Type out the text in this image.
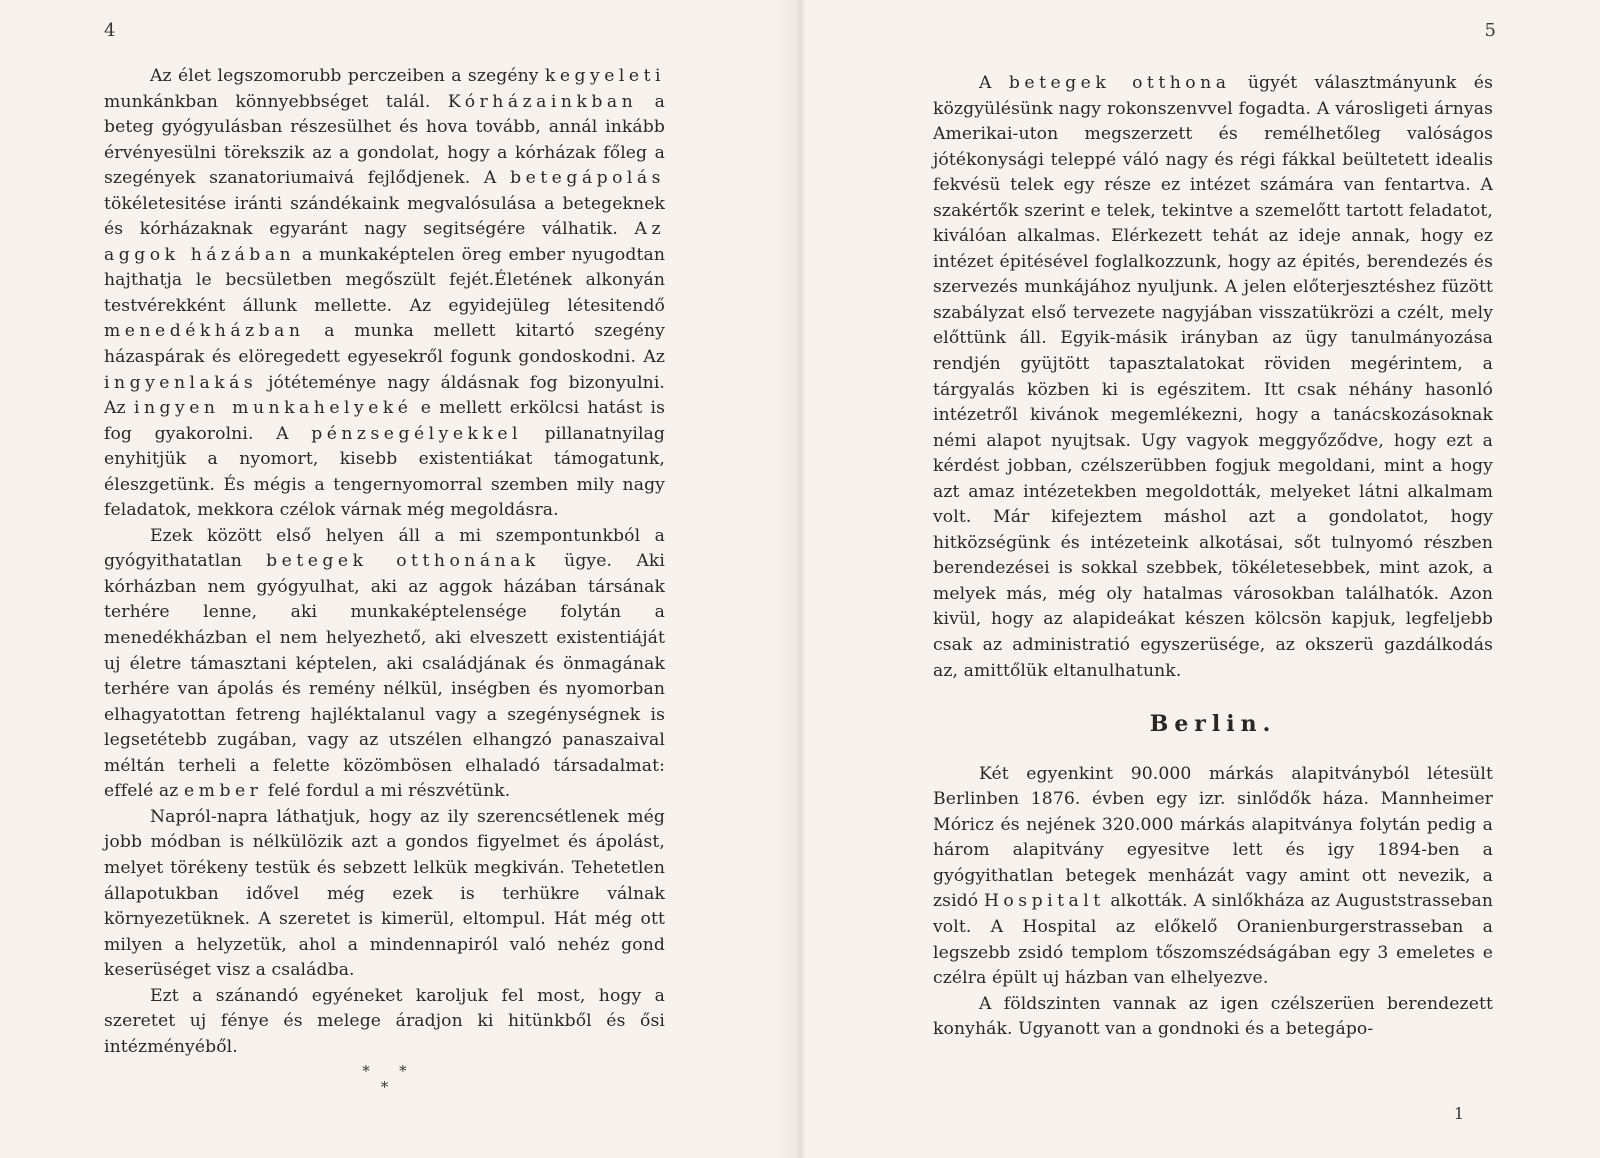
4

Az élet legszomorubb perczeiben a szegény kegyeleti munkánkban könnyebbséget talál. Kórházainkban a beteg gyógyulásban részesülhet és hova tovább, annál inkább érvényesülni törekszik az a gondolat, hogy a kórházak főleg a szegények szanatoriumaivá fejlődjenek. A betegápolás tökéletesitése iránti szándékaink megvalósulása a betegeknek és kórházaknak egyaránt nagy segitségére válhatik. Az aggok házában a munkaképtelen öreg ember nyugodtan hajthatja le becsületben megőszült fejét.Életének alkonyán testvérekként állunk mellette. Az egyidejüleg létesitendő menedékházban a munka mellett kitartó szegény házaspárak és elöregedett egyesekről fogunk gondoskodni. Az ingyenlakás jótéteménye nagy áldásnak fog bizonyulni. Az ingyen munkahelyeké e mellett erkölcsi hatást is fog gyakorolni. A pénzsegélyekkel pillanatnyilag enyhitjük a nyomort, kisebb existentiákat támogatunk, éleszgetünk. És mégis a tengernyomorral szemben mily nagy feladatok, mekkora czélok várnak még megoldásra.

Ezek között első helyen áll a mi szempontunkból a gyógyithatatlan betegek otthonának ügye. Aki kórházban nem gyógyulhat, aki az aggok házában társának terhére lenne, aki munkaképtelensége folytán a menedékházban el nem helyezhető, aki elveszett existentiáját uj életre támasztani képtelen, aki családjának és önmagának terhére van ápolás és remény nélkül, inségben és nyomorban elhagyatottan fetreng hajléktalanul vagy a szegénységnek is legsetétebb zugában, vagy az utszélen elhangzó panaszaival méltán terheli a felette közömbösen elhaladó társadalmat: effelé az ember felé fordul a mi részvétünk.

Napról-napra láthatjuk, hogy az ily szerencsétlenek még jobb módban is nélkülözik azt a gondos figyelmet és ápolást, melyet törékeny testük és sebzett lelkük megkiván. Tehetetlen állapotukban idővel még ezek is terhükre válnak környezetüknek. A szeretet is kimerül, eltompul. Hát még ott milyen a helyzetük, ahol a mindennapiról való nehéz gond keserüséget visz a családba.

Ezt a szánandó egyéneket karoljuk fel most, hogy a szeretet uj fénye és melege áradjon ki hitünkből és ősi intézményéből.

*      *
*
5

A betegek otthona ügyét választmányunk és közgyülésünk nagy rokonszenvvel fogadta. A városligeti árnyas Amerikai-uton megszerzett és remélhetőleg valóságos jótékonysági teleppé váló nagy és régi fákkal beültetett idealis fekvésü telek egy része ez intézet számára van fentartva. A szakértők szerint e telek, tekintve a szemelőtt tartott feladatot, kiválóan alkalmas. Elérkezett tehát az ideje annak, hogy ez intézet épitésével foglalkozzunk, hogy az épités, berendezés és szervezés munkájához nyuljunk. A jelen előterjesztéshez füzött szabályzat első tervezete nagyjában visszatükrözi a czélt, mely előttünk áll. Egyik-másik irányban az ügy tanulmányozása rendjén gyüjtött tapasztalatokat röviden megérintem, a tárgyalás közben ki is egészitem. Itt csak néhány hasonló intézetről kivánok megemlékezni, hogy a tanácskozásoknak némi alapot nyujtsak. Ugy vagyok meggyőződve, hogy ezt a kérdést jobban, czélszerübben fogjuk megoldani, mint a hogy azt amaz intézetekben megoldották, melyeket látni alkalmam volt. Már kifejeztem máshol azt a gondolatot, hogy hitközségünk és intézeteink alkotásai, sőt tulnyomó részben berendezései is sokkal szebbek, tökéletesebbek, mint azok, a melyek más, még oly hatalmas városokban találhatók. Azon kivül, hogy az alapideákat készen kölcsön kapjuk, legfeljebb csak az administratió egyszerüsége, az okszerü gazdálkodás az, amittőlük eltanulhatunk.

Berlin.

Két egyenkint 90.000 márkás alapitványból létesült Berlinben 1876. évben egy izr. sinlődők háza. Mannheimer Móricz és nejének 320.000 márkás alapitványa folytán pedig a három alapitvány egyesitve lett és igy 1894-ben a gyógyithatlan betegek menházát vagy amint ott nevezik, a zsidó Hospitalt alkották. A sinlőkháza az Auguststrasseban volt. A Hospital az előkelő Oranienburgerstrasseban a legszebb zsidó templom tőszomszédságában egy 3 emeletes e czélra épült uj házban van elhelyezve.

A földszinten vannak az igen czélszerüen berendezett konyhák. Ugyanott van a gondnoki és a betegápo-

1
